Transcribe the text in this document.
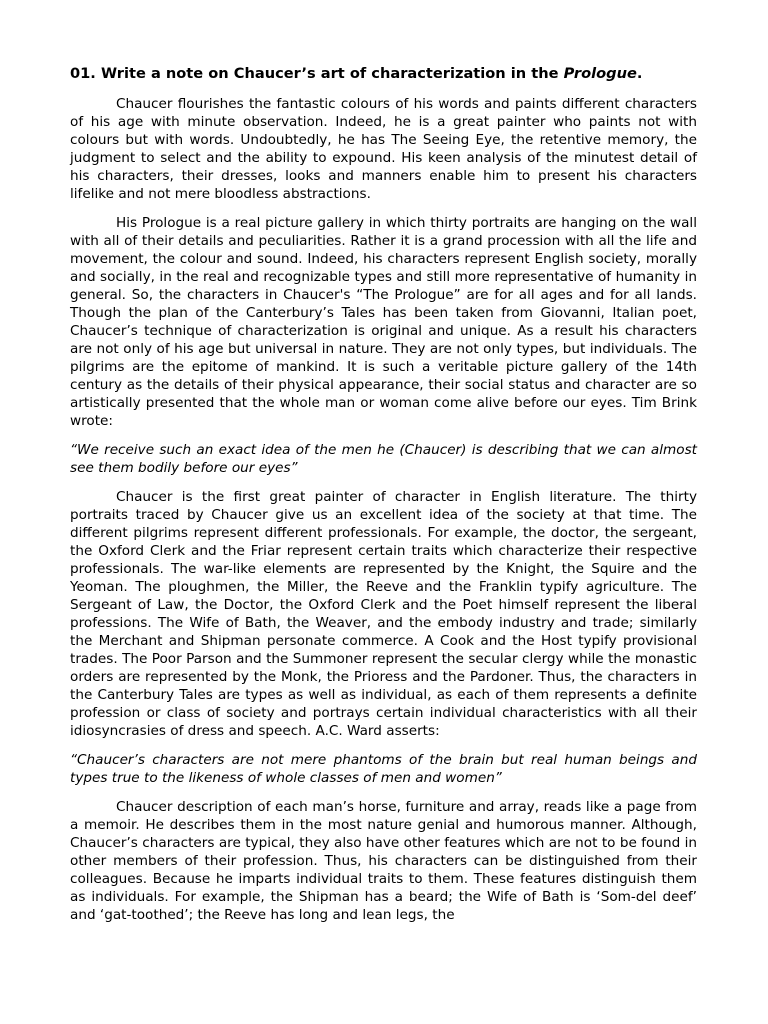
01. Write a note on Chaucer’s art of characterization in the Prologue.

Chaucer flourishes the fantastic colours of his words and paints different characters of his age with minute observation. Indeed, he is a great painter who paints not with colours but with words. Undoubtedly, he has The Seeing Eye, the retentive memory, the judgment to select and the ability to expound. His keen analysis of the minutest detail of his characters, their dresses, looks and manners enable him to present his characters lifelike and not mere bloodless abstractions.

His Prologue is a real picture gallery in which thirty portraits are hanging on the wall with all of their details and peculiarities. Rather it is a grand procession with all the life and movement, the colour and sound. Indeed, his characters represent English society, morally and socially, in the real and recognizable types and still more representative of humanity in general. So, the characters in Chaucer's “The Prologue” are for all ages and for all lands. Though the plan of the Canterbury’s Tales has been taken from Giovanni, Italian poet, Chaucer’s technique of characterization is original and unique. As a result his characters are not only of his age but universal in nature. They are not only types, but individuals. The pilgrims are the epitome of mankind. It is such a veritable picture gallery of the 14th century as the details of their physical appearance, their social status and character are so artistically presented that the whole man or woman come alive before our eyes. Tim Brink wrote:

“We receive such an exact idea of the men he (Chaucer) is describing that we can almost see them bodily before our eyes”

Chaucer is the first great painter of character in English literature. The thirty portraits traced by Chaucer give us an excellent idea of the society at that time. The different pilgrims represent different professionals. For example, the doctor, the sergeant, the Oxford Clerk and the Friar represent certain traits which characterize their respective professionals. The war-like elements are represented by the Knight, the Squire and the Yeoman. The ploughmen, the Miller, the Reeve and the Franklin typify agriculture. The Sergeant of Law, the Doctor, the Oxford Clerk and the Poet himself represent the liberal professions. The Wife of Bath, the Weaver, and the embody industry and trade; similarly the Merchant and Shipman personate commerce. A Cook and the Host typify provisional trades. The Poor Parson and the Summoner represent the secular clergy while the monastic orders are represented by the Monk, the Prioress and the Pardoner. Thus, the characters in the Canterbury Tales are types as well as individual, as each of them represents a definite profession or class of society and portrays certain individual characteristics with all their idiosyncrasies of dress and speech. A.C. Ward asserts:

“Chaucer’s characters are not mere phantoms of the brain but real human beings and types true to the likeness of whole classes of men and women”

Chaucer description of each man’s horse, furniture and array, reads like a page from a memoir. He describes them in the most nature genial and humorous manner. Although, Chaucer’s characters are typical, they also have other features which are not to be found in other members of their profession. Thus, his characters can be distinguished from their colleagues. Because he imparts individual traits to them. These features distinguish them as individuals. For example, the Shipman has a beard; the Wife of Bath is ‘Som-del deef’ and ‘gat-toothed’; the Reeve has long and lean legs, the
